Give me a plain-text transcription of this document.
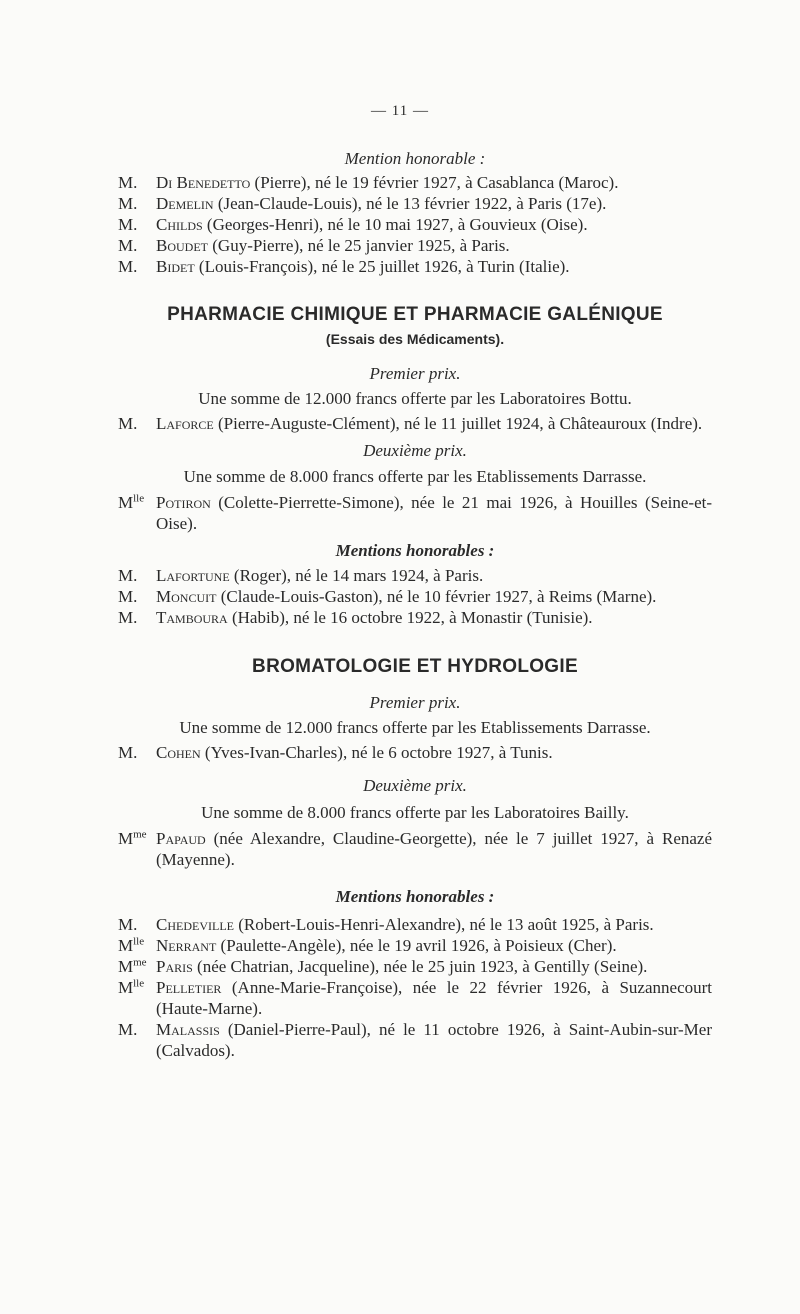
— 11 —

Mention honorable :

M. Di Benedetto (Pierre), né le 19 février 1927, à Casablanca (Maroc).

M. Demelin (Jean-Claude-Louis), né le 13 février 1922, à Paris (17e).

M. Childs (Georges-Henri), né le 10 mai 1927, à Gouvieux (Oise).

M. Boudet (Guy-Pierre), né le 25 janvier 1925, à Paris.

M. Bidet (Louis-François), né le 25 juillet 1926, à Turin (Italie).

PHARMACIE CHIMIQUE ET PHARMACIE GALÉNIQUE

(Essais des Médicaments).

Premier prix.

Une somme de 12.000 francs offerte par les Laboratoires Bottu.

M. Laforce (Pierre-Auguste-Clément), né le 11 juillet 1924, à Châteauroux (Indre).

Deuxième prix.

Une somme de 8.000 francs offerte par les Etablissements Darrasse.

$M^{lle}$ Potiron (Colette-Pierrette-Simone), née le 21 mai 1926, à Houilles (Seine-et-Oise).

Mentions honorables :

M. Lafortune (Roger), né le 14 mars 1924, à Paris.

M. Moncuit (Claude-Louis-Gaston), né le 10 février 1927, à Reims (Marne).

M. Tamboura (Habib), né le 16 octobre 1922, à Monastir (Tunisie).

BROMATOLOGIE ET HYDROLOGIE

Premier prix.

Une somme de 12.000 francs offerte par les Etablissements Darrasse.

M. Cohen (Yves-Ivan-Charles), né le 6 octobre 1927, à Tunis.

Deuxième prix.

Une somme de 8.000 francs offerte par les Laboratoires Bailly.

$M^{me}$ Papaud (née Alexandre, Claudine-Georgette), née le 7 juillet 1927, à Renazé (Mayenne).

Mentions honorables :

M. Chedeville (Robert-Louis-Henri-Alexandre), né le 13 août 1925, à Paris.

$M^{lle}$ Nerrant (Paulette-Angèle), née le 19 avril 1926, à Poisieux (Cher).

$M^{me}$ Paris (née Chatrian, Jacqueline), née le 25 juin 1923, à Gentilly (Seine).

$M^{lle}$ Pelletier (Anne-Marie-Françoise), née le 22 février 1926, à Suzannecourt (Haute-Marne).

M. Malassis (Daniel-Pierre-Paul), né le 11 octobre 1926, à Saint-Aubin-sur-Mer (Calvados).
